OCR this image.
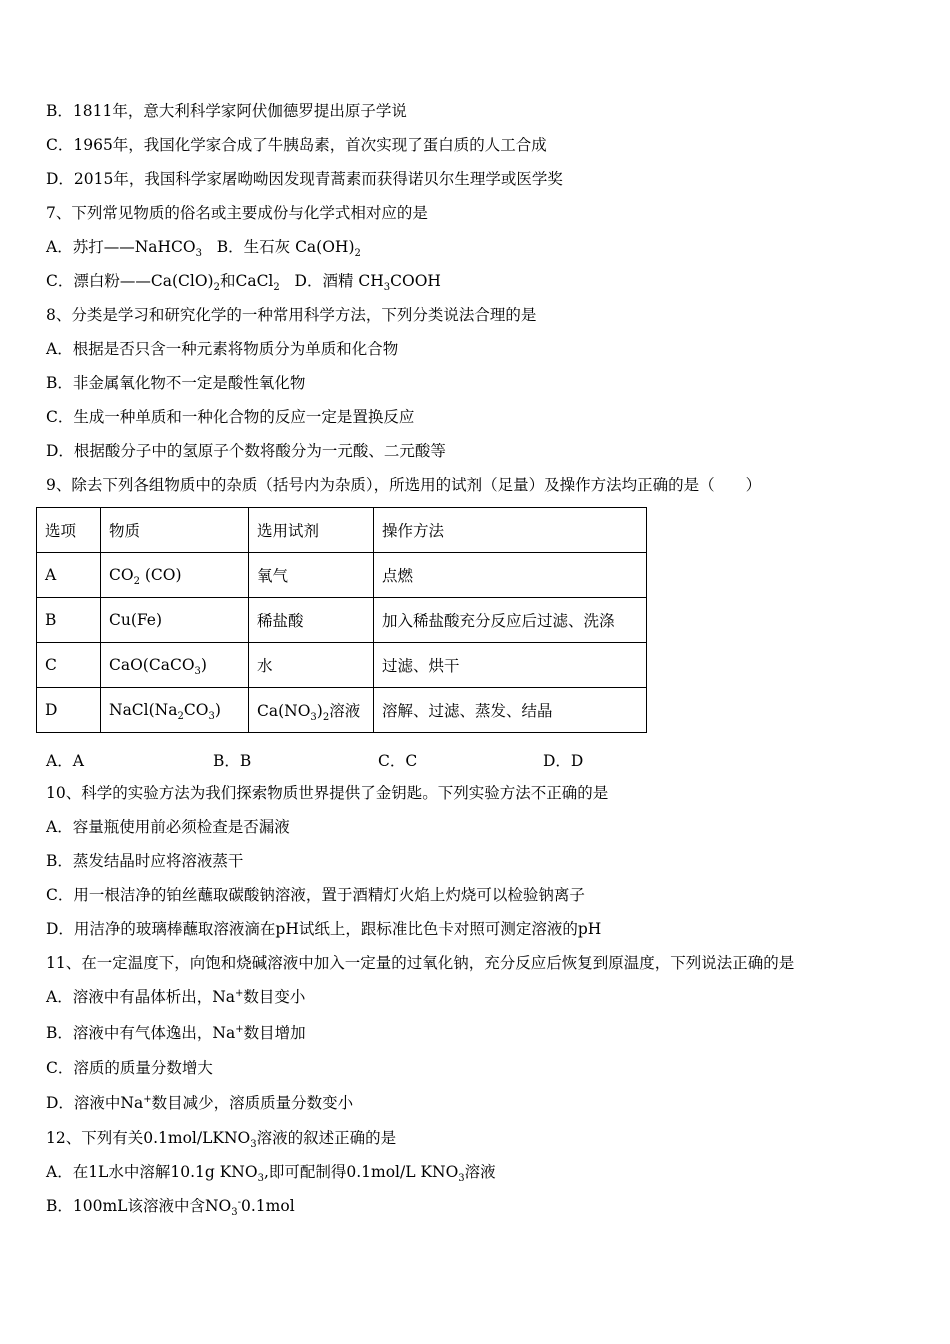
B．1811年，意大利科学家阿伏伽德罗提出原子学说
C．1965年，我国化学家合成了牛胰岛素，首次实现了蛋白质的人工合成
D．2015年，我国科学家屠呦呦因发现青蒿素而获得诺贝尔生理学或医学奖
7、下列常见物质的俗名或主要成份与化学式相对应的是
A．苏打——NaHCO$_3$ B．生石灰 $Ca(OH)_2$
C．漂白粉$——Ca(ClO)_2$和CaCl$_2$ D．酒精 $CH_3COOH$
8、分类是学习和研究化学的一种常用科学方法，下列分类说法合理的是
A．根据是否只含一种元素将物质分为单质和化合物
B．非金属氧化物不一定是酸性氧化物
C．生成一种单质和一种化合物的反应一定是置换反应
D．根据酸分子中的氢原子个数将酸分为一元酸、二元酸等
9、除去下列各组物质中的杂质（括号内为杂质），所选用的试剂（足量）及操作方法均正确的是（　　）
选项	物质	选用试剂	操作方法
A	$CO_2$ (CO)	氧气	点燃
B	Cu(Fe)	稀盐酸	加入稀盐酸充分反应后过滤、洗涤
C	CaO(CaCO$_3$)	水	过滤、烘干
D	$NaCl(Na_2CO_3)$	$Ca(NO_3)_2$溶液	溶解、过滤、蒸发、结晶
A．A	B．B	C．C	D．D
10、科学的实验方法为我们探索物质世界提供了金钥匙。下列实验方法不正确的是
A．容量瓶使用前必须检查是否漏液
B．蒸发结晶时应将溶液蒸干
C．用一根洁净的铂丝蘸取碳酸钠溶液，置于酒精灯火焰上灼烧可以检验钠离子
D．用洁净的玻璃棒蘸取溶液滴在pH试纸上，跟标准比色卡对照可测定溶液的pH
11、在一定温度下，向饱和烧碱溶液中加入一定量的过氧化钠，充分反应后恢复到原温度，下列说法正确的是
A．溶液中有晶体析出，Na+数目变小
B．溶液中有气体逸出，Na+数目增加
C．溶质的质量分数增大
D．溶液中Na+数目减少，溶质质量分数变小
12、下列有关$0.1mol/LKNO_3$溶液的叙述正确的是
A．在1L水中溶解10.1g $KNO_3$,即可配制得0.1mol/L $KNO_3$溶液
B．100mL该溶液中含$NO_3^-0.1mol$
